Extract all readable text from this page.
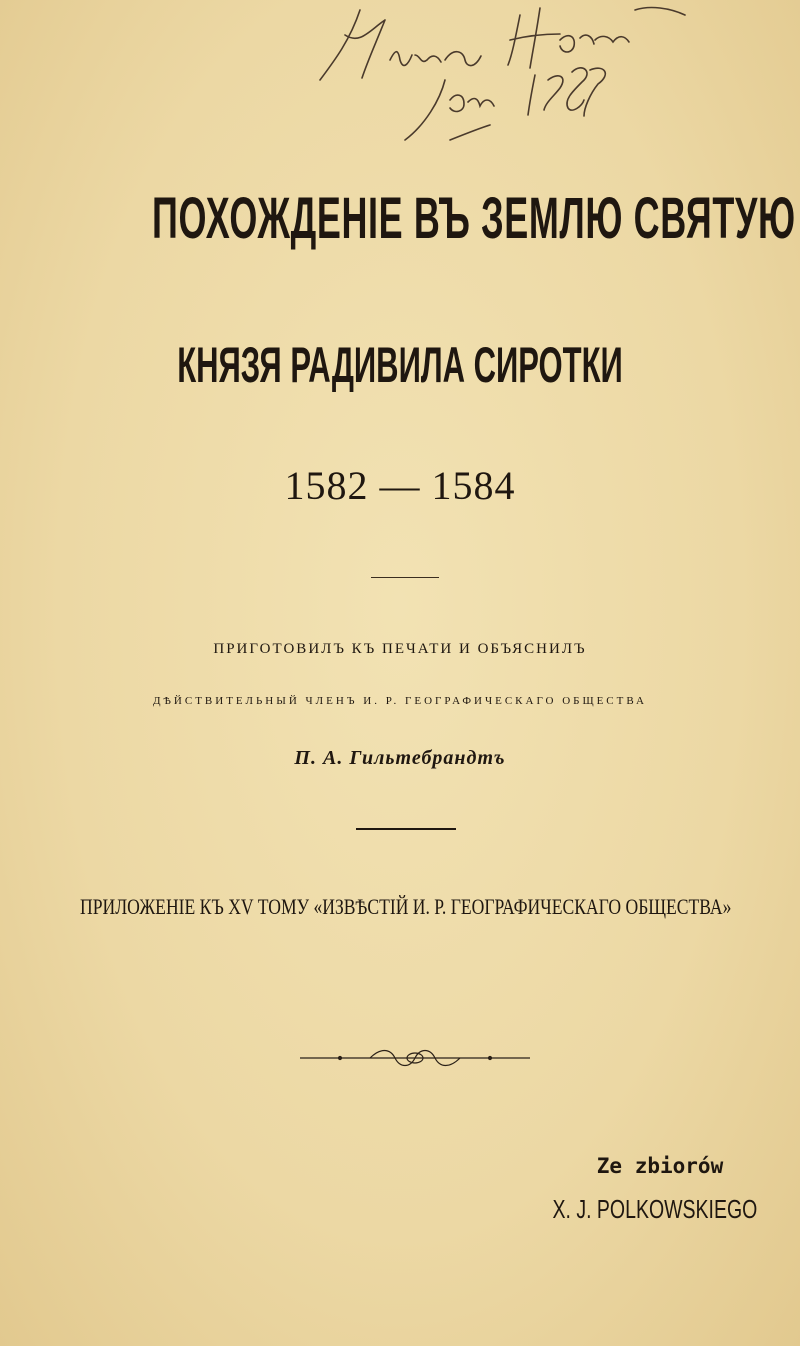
ПОХОЖДЕНІЕ ВЪ ЗЕМЛЮ СВЯТУЮ
КНЯЗЯ РАДИВИЛА СИРОТКИ
1582 — 1584
ПРИГОТОВИЛЪ КЪ ПЕЧАТИ И ОБЪЯСНИЛЪ
ДѢЙСТВИТЕЛЬНЫЙ ЧЛЕНЪ И. Р. ГЕОГРАФИЧЕСКАГО ОБЩЕСТВА
П. А. Гильтебрандтъ
ПРИЛОЖЕНІЕ КЪ XV ТОМУ «ИЗВѢСТІЙ И. Р. ГЕОГРАФИЧЕСКАГО ОБЩЕСТВА»
Ze zbiorów
X. J. POLKOWSKIEGO
